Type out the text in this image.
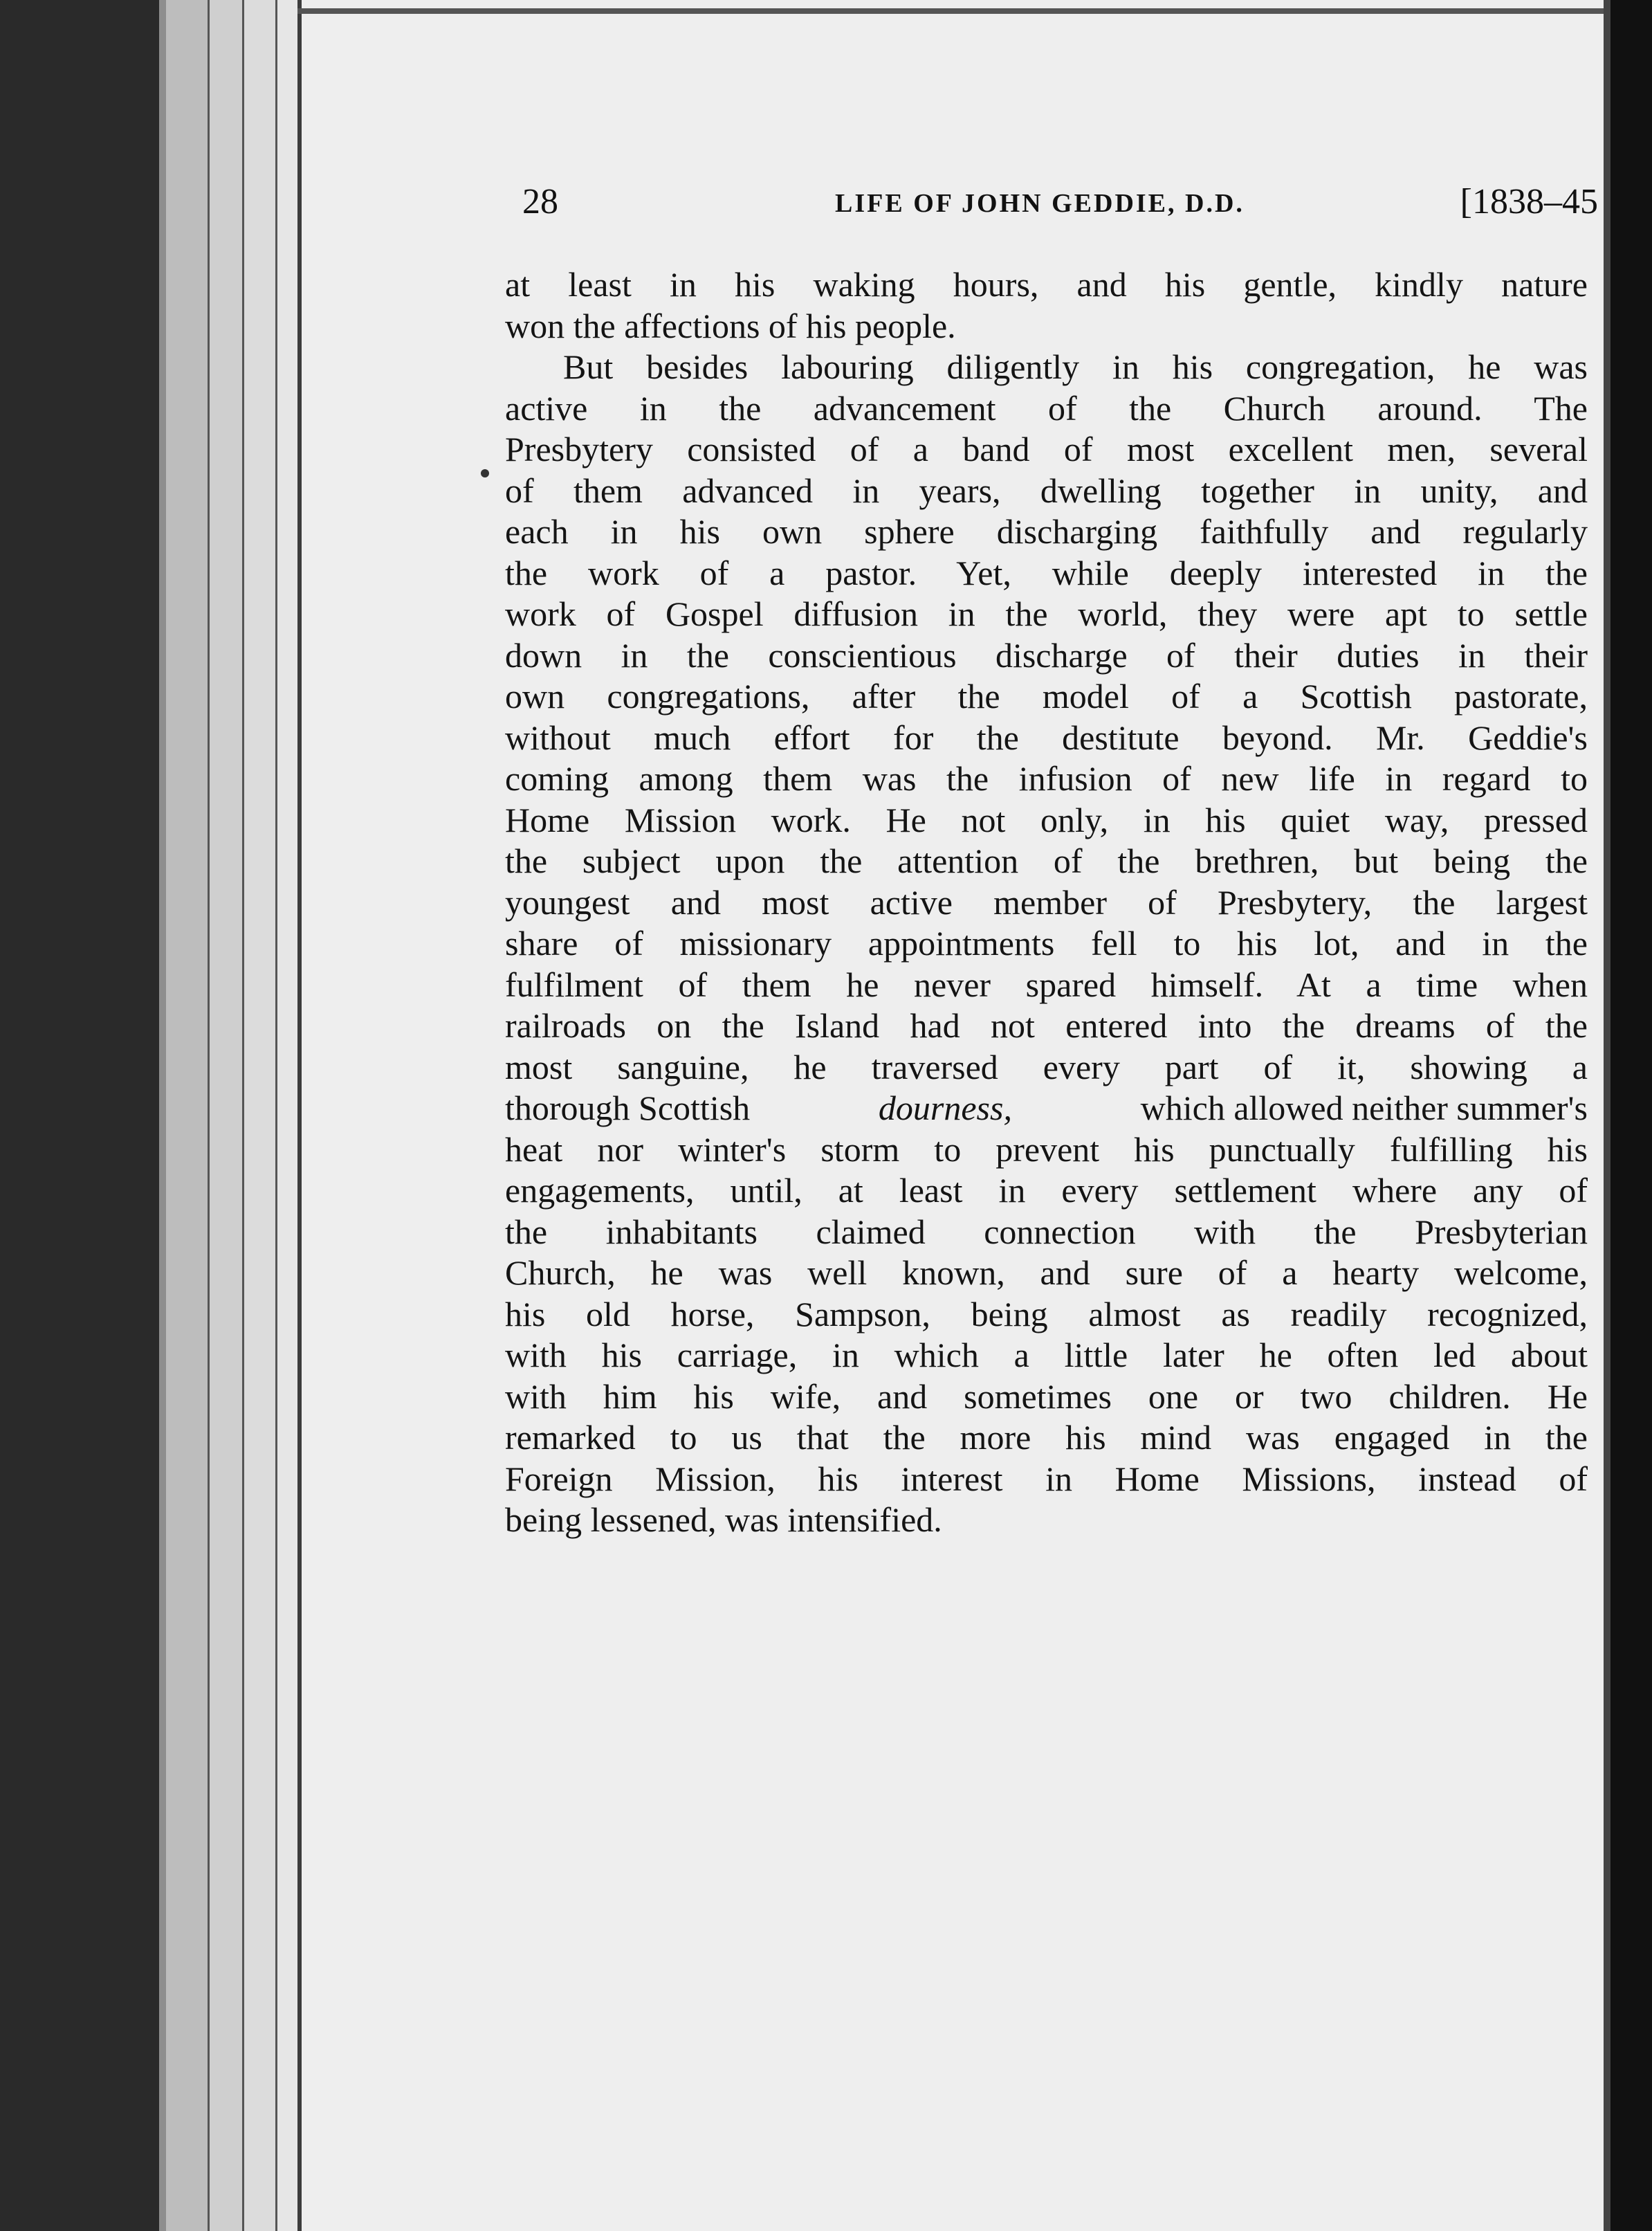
28	LIFE OF JOHN GEDDIE, D.D.	[1838–45
at least in his waking hours, and his gentle, kindly nature
won the affections of his people.
But besides labouring diligently in his congregation, he was
active in the advancement of the Church around. The
Presbytery consisted of a band of most excellent men, several
of them advanced in years, dwelling together in unity, and
each in his own sphere discharging faithfully and regularly
the work of a pastor. Yet, while deeply interested in the
work of Gospel diffusion in the world, they were apt to settle
down in the conscientious discharge of their duties in their
own congregations, after the model of a Scottish pastorate,
without much effort for the destitute beyond. Mr. Geddie's
coming among them was the infusion of new life in regard to
Home Mission work. He not only, in his quiet way, pressed
the subject upon the attention of the brethren, but being the
youngest and most active member of Presbytery, the largest
share of missionary appointments fell to his lot, and in the
fulfilment of them he never spared himself. At a time when
railroads on the Island had not entered into the dreams of the
most sanguine, he traversed every part of it, showing a
thorough Scottish	dourness,	which allowed neither summer's
heat nor winter's storm to prevent his punctually fulfilling his
engagements, until, at least in every settlement where any of
the inhabitants claimed connection with the Presbyterian
Church, he was well known, and sure of a hearty welcome,
his old horse, Sampson, being almost as readily recognized,
with his carriage, in which a little later he often led about
with him his wife, and sometimes one or two children. He
remarked to us that the more his mind was engaged in the
Foreign Mission, his interest in Home Missions, instead of
being lessened, was intensified.
